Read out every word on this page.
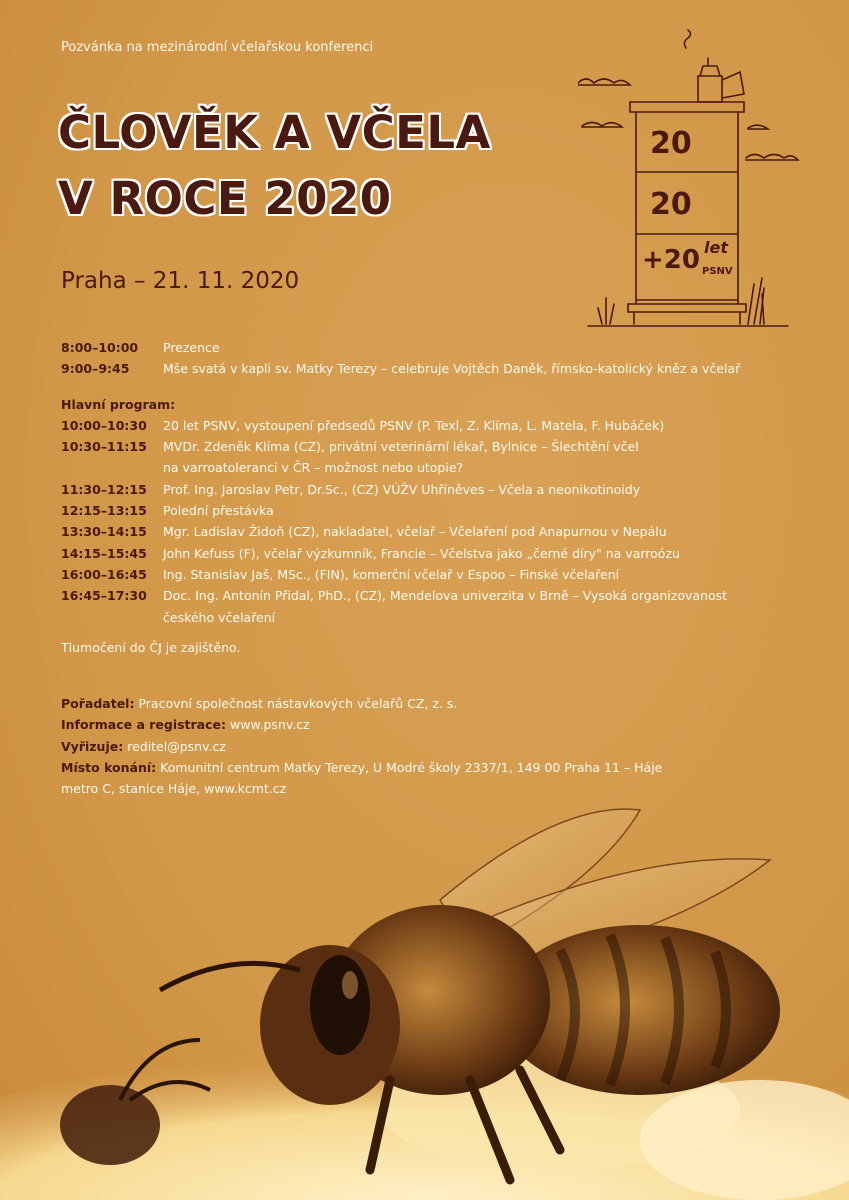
Pozvánka na mezinárodní včelařskou konferenci
ČLOVĚK A VČELA
V ROCE 2020
Praha – 21. 11. 2020
20
20
+20 let
PSNV
8:00–10:00	Prezence
9:00–9:45	Mše svatá v kapli sv. Matky Terezy – celebruje Vojtěch Daněk, římsko-katolický kněz a včelař
Hlavní program:
10:00–10:30	20 let PSNV, vystoupení předsedů PSNV (P. Texl, Z. Klíma, L. Matela, F. Hubáček)
10:30–11:15	MVDr. Zdeněk Klíma (CZ), privátní veterinární lékař, Bylnice – Šlechtění včel
na varroatoleranci v ČR – možnost nebo utopie?
11:30–12:15	Prof. Ing. Jaroslav Petr, Dr.Sc., (CZ) VÚŽV Uhříněves – Včela a neonikotinoidy
12:15–13:15	Polední přestávka
13:30–14:15	Mgr. Ladislav Židoň (CZ), nakladatel, včelař – Včelaření pod Anapurnou v Nepálu
14:15–15:45	John Kefuss (F), včelař výzkumník, Francie – Včelstva jako „černé díry" na varroózu
16:00–16:45	Ing. Stanislav Jaš, MSc., (FIN), komerční včelař v Espoo – Finské včelaření
16:45–17:30	Doc. Ing. Antonín Přidal, PhD., (CZ), Mendelova univerzita v Brně – Vysoká organizovanost
českého včelaření
Tlumočení do ČJ je zajištěno.
Pořadatel: Pracovní společnost nástavkových včelařů CZ, z. s.
Informace a registrace: www.psnv.cz
Vyřizuje: reditel@psnv.cz
Místo konání: Komunitní centrum Matky Terezy, U Modré školy 2337/1, 149 00 Praha 11 – Háje
metro C, stanice Háje, www.kcmt.cz
